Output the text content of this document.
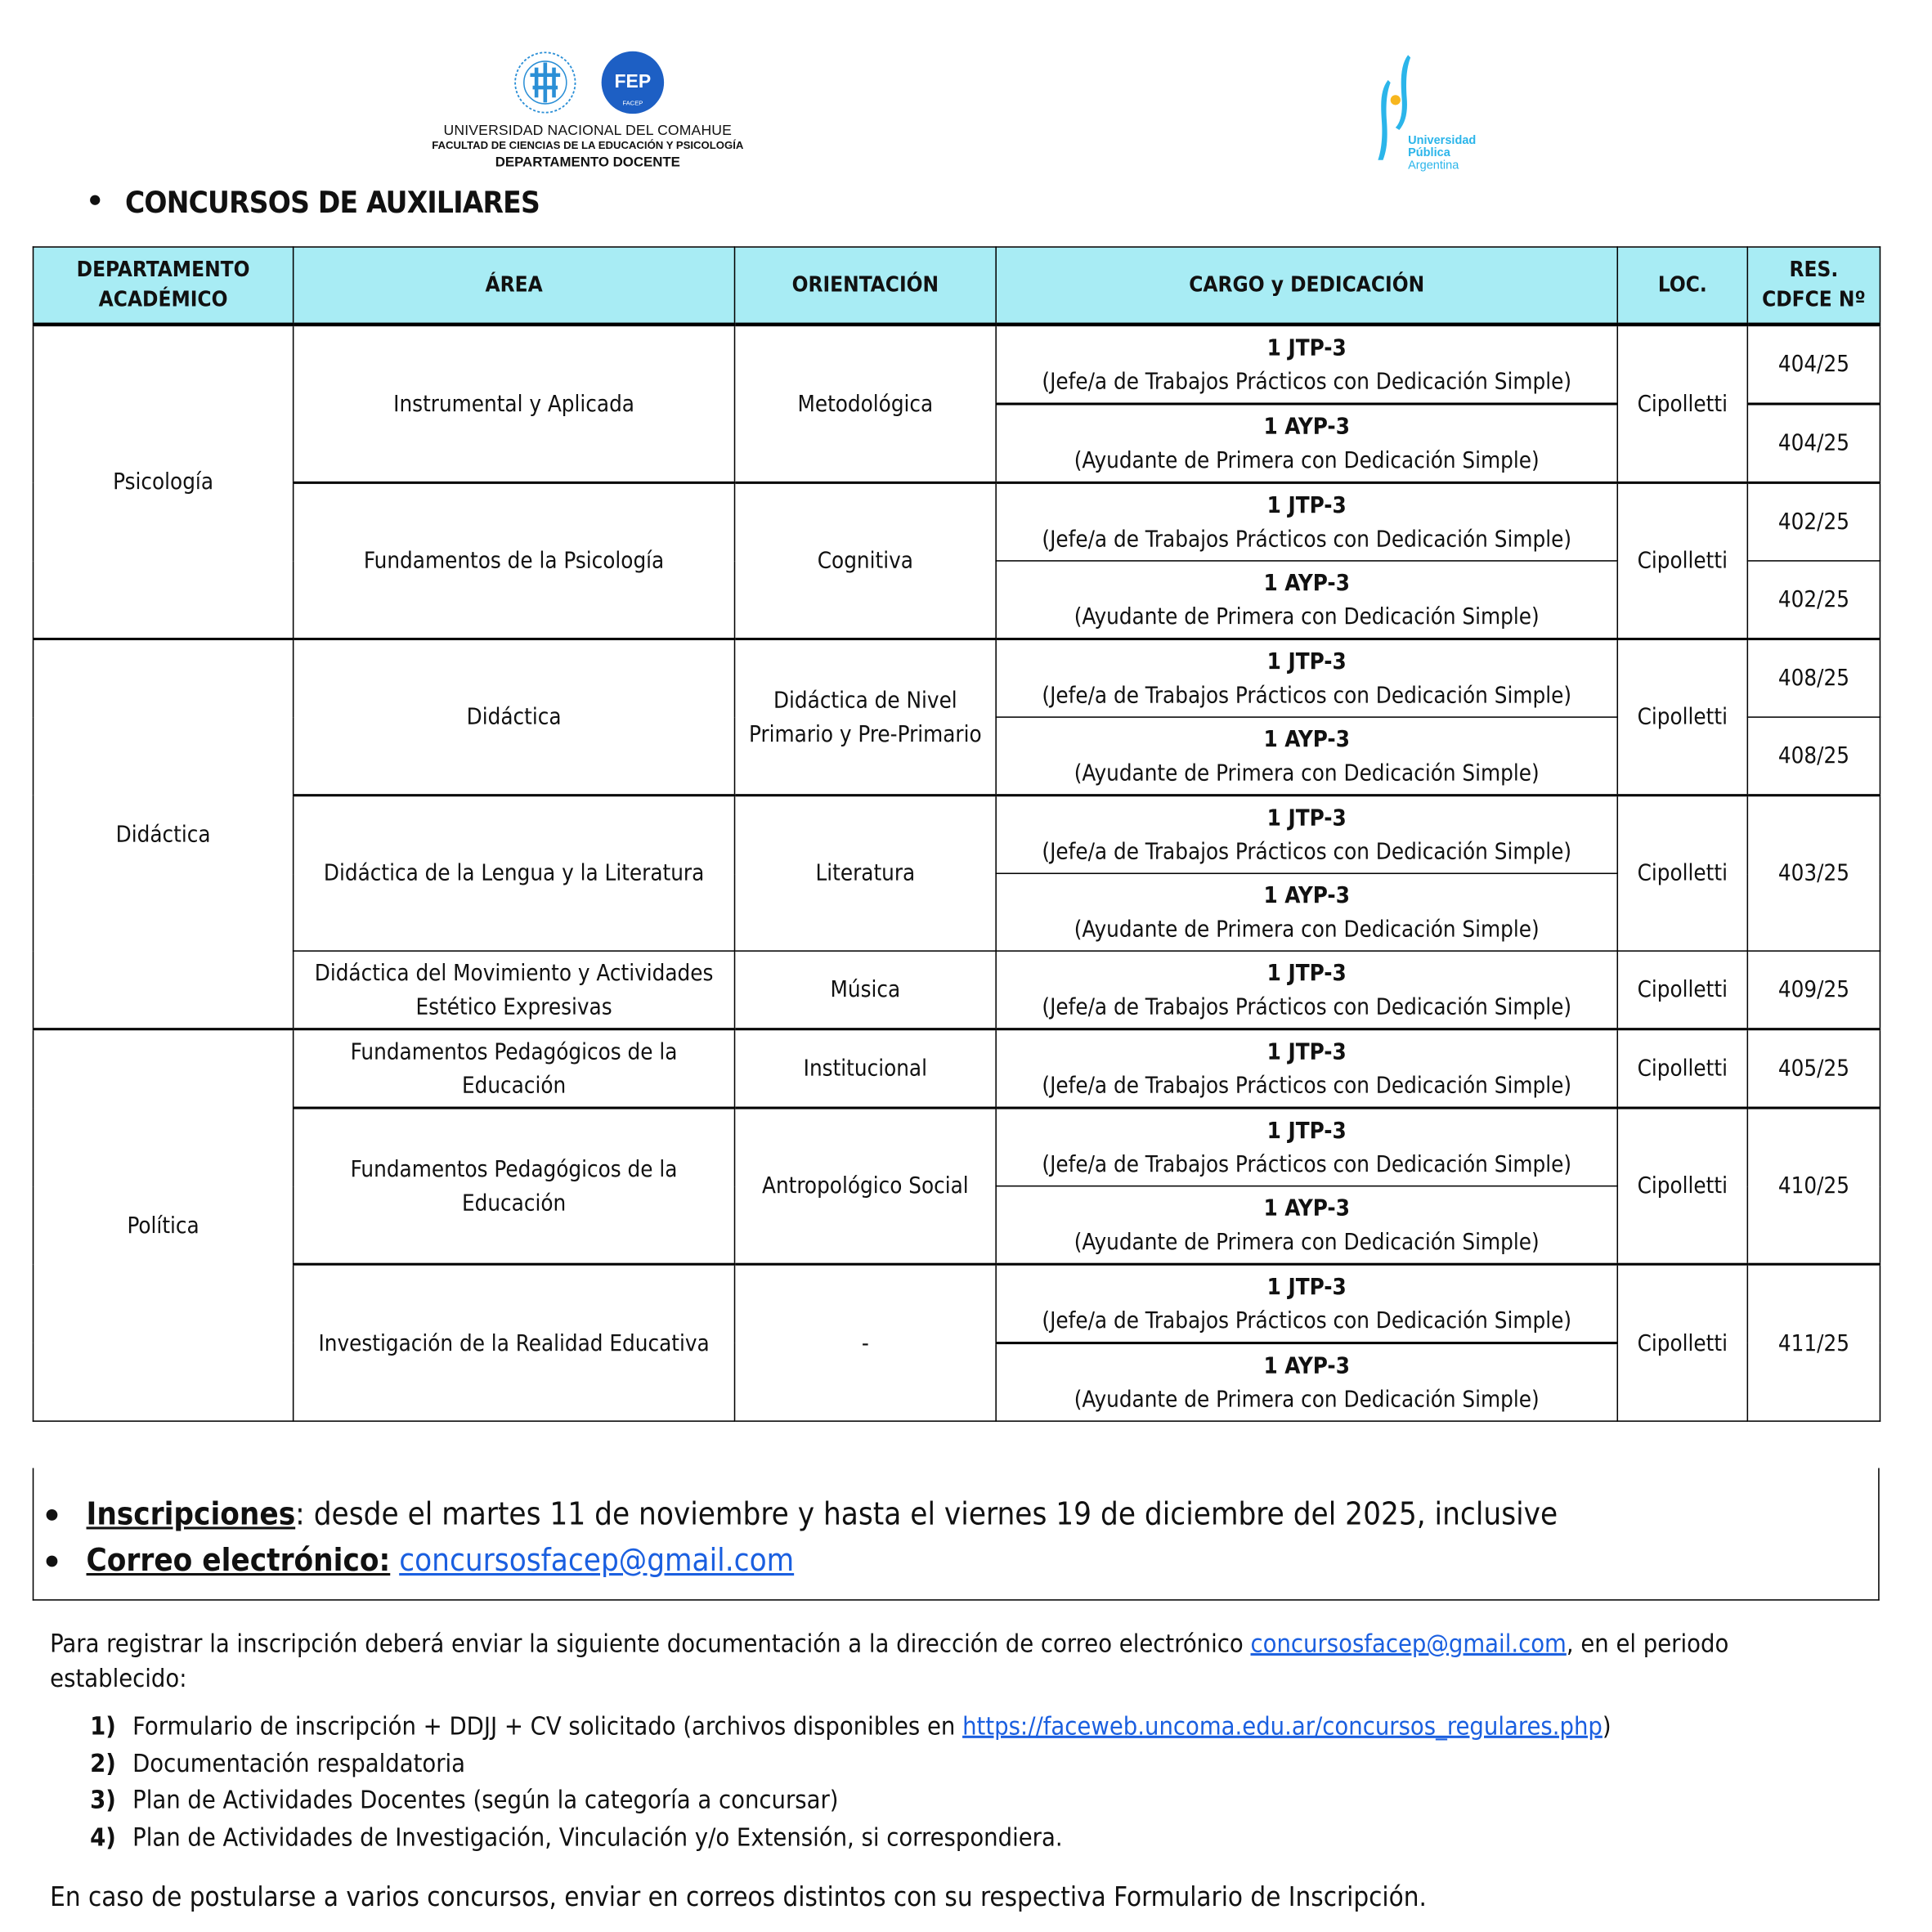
FEP
FACEP
UNIVERSIDAD NACIONAL DEL COMAHUE
FACULTAD DE CIENCIAS DE LA EDUCACIÓN Y PSICOLOGÍA
DEPARTAMENTO DOCENTE
Universidad
Pública
Argentina
CONCURSOS DE AUXILIARES
DEPARTAMENTO
ACADÉMICO	ÁREA	ORIENTACIÓN	CARGO y DEDICACIÓN	LOC.	RES.
CDFCE Nº
Psicología	Instrumental y Aplicada	Metodológica	1 JTP-3
(Jefe/a de Trabajos Prácticos con Dedicación Simple)	Cipolletti	404/25

			1 AYP-3
(Ayudante de Primera con Dedicación Simple)		404/25
	Fundamentos de la Psicología	Cognitiva	1 JTP-3
(Jefe/a de Trabajos Prácticos con Dedicación Simple)	Cipolletti	402/25

			1 AYP-3
(Ayudante de Primera con Dedicación Simple)		402/25
Didáctica	Didáctica	Didáctica de Nivel Primario y Pre-Primario	1 JTP-3
(Jefe/a de Trabajos Prácticos con Dedicación Simple)	Cipolletti	408/25

			1 AYP-3
(Ayudante de Primera con Dedicación Simple)		408/25
	Didáctica de la Lengua y la Literatura	Literatura	1 JTP-3
(Jefe/a de Trabajos Prácticos con Dedicación Simple)	Cipolletti	403/25

			1 AYP-3
(Ayudante de Primera con Dedicación Simple)		
	Didáctica del Movimiento y Actividades Estético Expresivas	Música	1 JTP-3
(Jefe/a de Trabajos Prácticos con Dedicación Simple)	Cipolletti	409/25
Política	Fundamentos Pedagógicos de la Educación	Institucional	1 JTP-3
(Jefe/a de Trabajos Prácticos con Dedicación Simple)	Cipolletti	405/25
	Fundamentos Pedagógicos de la Educación	Antropológico Social	1 JTP-3
(Jefe/a de Trabajos Prácticos con Dedicación Simple)	Cipolletti	410/25

			1 AYP-3
(Ayudante de Primera con Dedicación Simple)		
	Investigación de la Realidad Educativa	-	1 JTP-3
(Jefe/a de Trabajos Prácticos con Dedicación Simple)	Cipolletti	411/25

			1 AYP-3
(Ayudante de Primera con Dedicación Simple)		
Inscripciones: desde el martes 11 de noviembre y hasta el viernes 19 de diciembre del 2025, inclusive
Correo electrónico: concursosfacep@gmail.com
Para registrar la inscripción deberá enviar la siguiente documentación a la dirección de correo electrónico concursosfacep@gmail.com, en el periodo establecido:
1) Formulario de inscripción + DDJJ + CV solicitado (archivos disponibles en https://faceweb.uncoma.edu.ar/concursos_regulares.php)
2) Documentación respaldatoria
3) Plan de Actividades Docentes (según la categoría a concursar)
4) Plan de Actividades de Investigación, Vinculación y/o Extensión, si correspondiera.
En caso de postularse a varios concursos, enviar en correos distintos con su respectiva Formulario de Inscripción.
